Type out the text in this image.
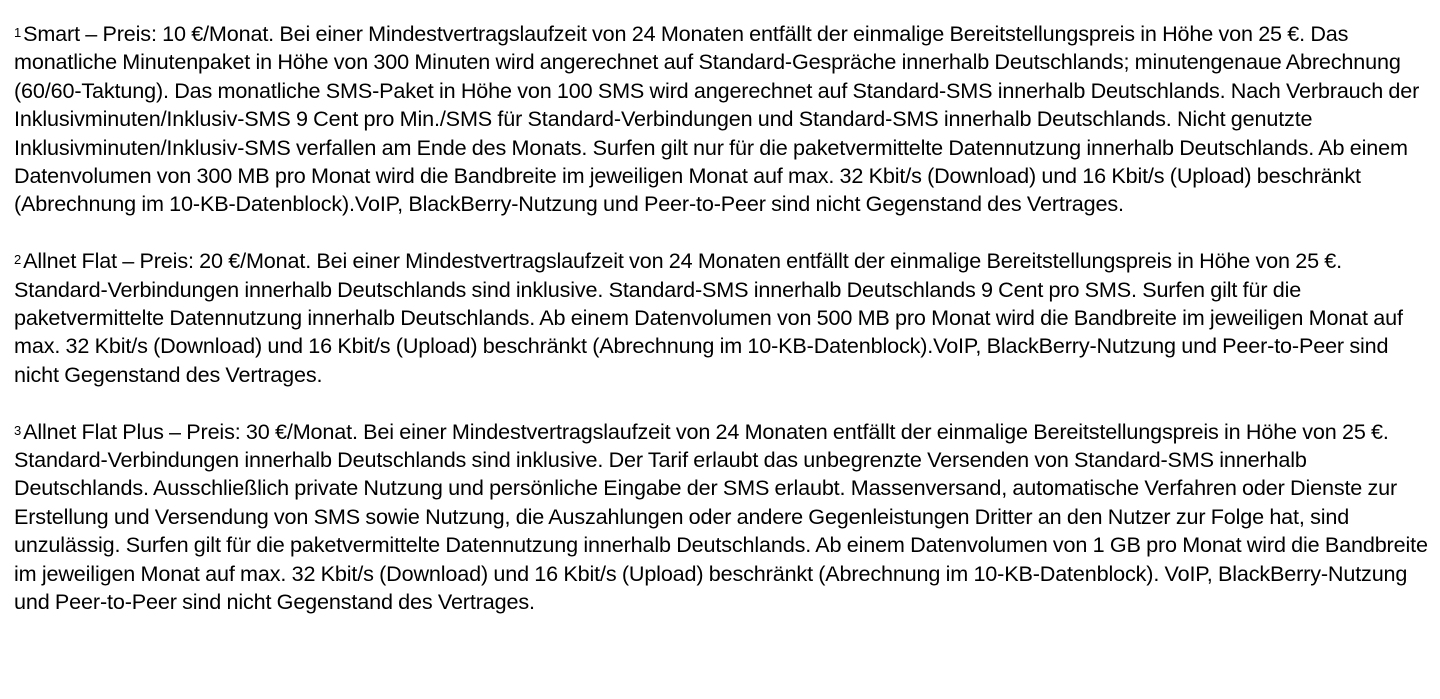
$^1$Smart – Preis: 10 €/Monat. Bei einer Mindestvertragslaufzeit von 24 Monaten entfällt der einmalige Bereitstellungspreis in Höhe von 25 €. Das monatliche Minutenpaket in Höhe von 300 Minuten wird angerechnet auf Standard-Gespräche innerhalb Deutschlands; minutengenaue Abrechnung (60/60-Taktung). Das monatliche SMS-Paket in Höhe von 100 SMS wird angerechnet auf Standard-SMS innerhalb Deutschlands. Nach Verbrauch der Inklusivminuten/Inklusiv-SMS 9 Cent pro Min./SMS für Standard-Verbindungen und Standard-SMS innerhalb Deutschlands. Nicht genutzte Inklusivminuten/Inklusiv-SMS verfallen am Ende des Monats. Surfen gilt nur für die paketvermittelte Datennutzung innerhalb Deutschlands. Ab einem Datenvolumen von 300 MB pro Monat wird die Bandbreite im jeweiligen Monat auf max. 32 Kbit/s (Download) und 16 Kbit/s (Upload) beschränkt (Abrechnung im 10-KB-Datenblock).VoIP, BlackBerry-Nutzung und Peer-to-Peer sind nicht Gegenstand des Vertrages.

$^2$Allnet Flat – Preis: 20 €/Monat. Bei einer Mindestvertragslaufzeit von 24 Monaten entfällt der einmalige Bereitstellungspreis in Höhe von 25 €. Standard-Verbindungen innerhalb Deutschlands sind inklusive. Standard-SMS innerhalb Deutschlands 9 Cent pro SMS. Surfen gilt für die paketvermittelte Datennutzung innerhalb Deutschlands. Ab einem Datenvolumen von 500 MB pro Monat wird die Bandbreite im jeweiligen Monat auf max. 32 Kbit/s (Download) und 16 Kbit/s (Upload) beschränkt (Abrechnung im 10-KB-Datenblock).VoIP, BlackBerry-Nutzung und Peer-to-Peer sind nicht Gegenstand des Vertrages.

$^3$Allnet Flat Plus – Preis: 30 €/Monat. Bei einer Mindestvertragslaufzeit von 24 Monaten entfällt der einmalige Bereitstellungspreis in Höhe von 25 €. Standard-Verbindungen innerhalb Deutschlands sind inklusive. Der Tarif erlaubt das unbegrenzte Versenden von Standard-SMS innerhalb Deutschlands. Ausschließlich private Nutzung und persönliche Eingabe der SMS erlaubt. Massenversand, automatische Verfahren oder Dienste zur Erstellung und Versendung von SMS sowie Nutzung, die Auszahlungen oder andere Gegenleistungen Dritter an den Nutzer zur Folge hat, sind unzulässig. Surfen gilt für die paketvermittelte Datennutzung innerhalb Deutschlands. Ab einem Datenvolumen von 1 GB pro Monat wird die Bandbreite im jeweiligen Monat auf max. 32 Kbit/s (Download) und 16 Kbit/s (Upload) beschränkt (Abrechnung im 10-KB-Datenblock). VoIP, BlackBerry-Nutzung und Peer-to-Peer sind nicht Gegenstand des Vertrages.
